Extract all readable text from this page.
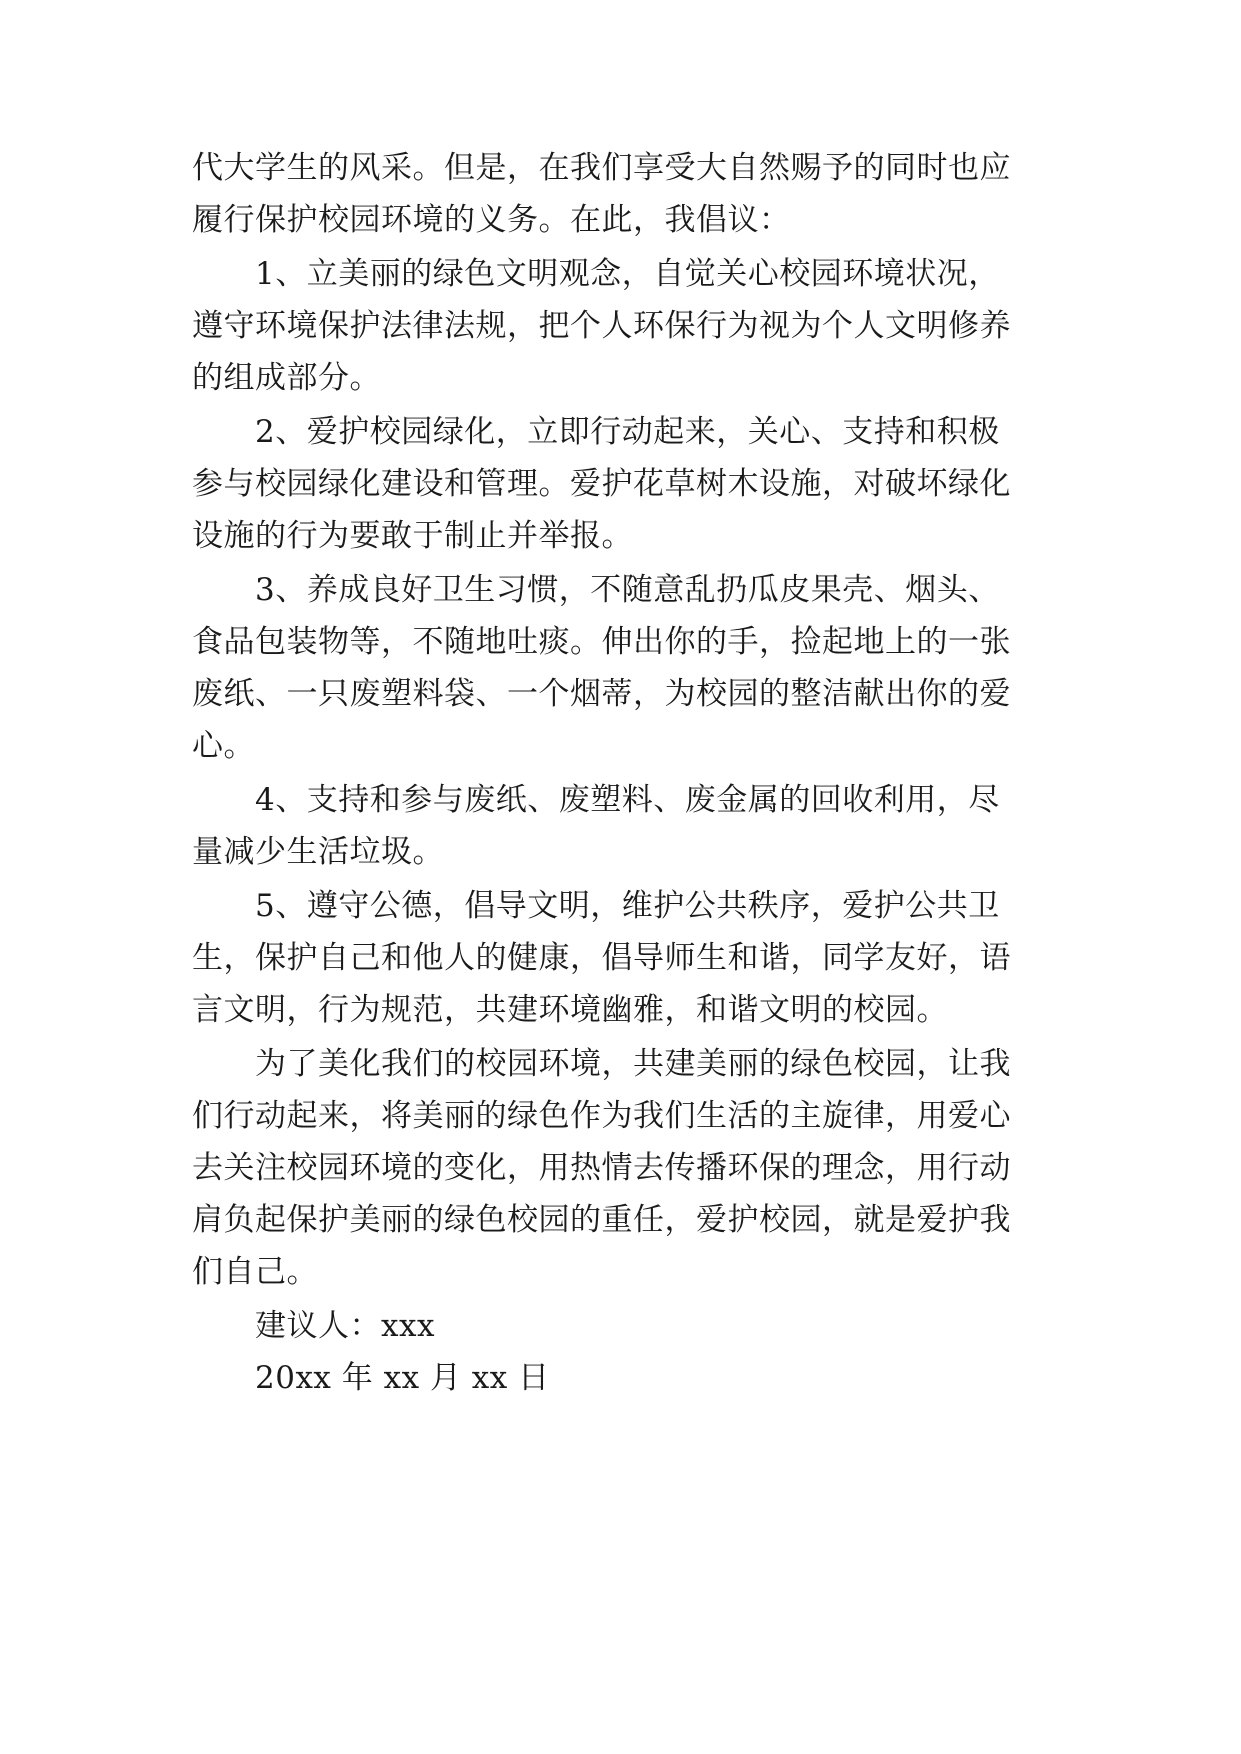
代大学生的风采。但是，在我们享受大自然赐予的同时也应
履行保护校园环境的义务。在此，我倡议：
1、立美丽的绿色文明观念，自觉关心校园环境状况，
遵守环境保护法律法规，把个人环保行为视为个人文明修养
的组成部分。
2、爱护校园绿化，立即行动起来，关心、支持和积极
参与校园绿化建设和管理。爱护花草树木设施，对破坏绿化
设施的行为要敢于制止并举报。
3、养成良好卫生习惯，不随意乱扔瓜皮果壳、烟头、
食品包装物等，不随地吐痰。伸出你的手，捡起地上的一张
废纸、一只废塑料袋、一个烟蒂，为校园的整洁献出你的爱
心。
4、支持和参与废纸、废塑料、废金属的回收利用，尽
量减少生活垃圾。
5、遵守公德，倡导文明，维护公共秩序，爱护公共卫
生，保护自己和他人的健康，倡导师生和谐，同学友好，语
言文明，行为规范，共建环境幽雅，和谐文明的校园。
为了美化我们的校园环境，共建美丽的绿色校园，让我
们行动起来，将美丽的绿色作为我们生活的主旋律，用爱心
去关注校园环境的变化，用热情去传播环保的理念，用行动
肩负起保护美丽的绿色校园的重任，爱护校园，就是爱护我
们自己。
建议人：xxx
20xx 年 xx 月 xx 日
